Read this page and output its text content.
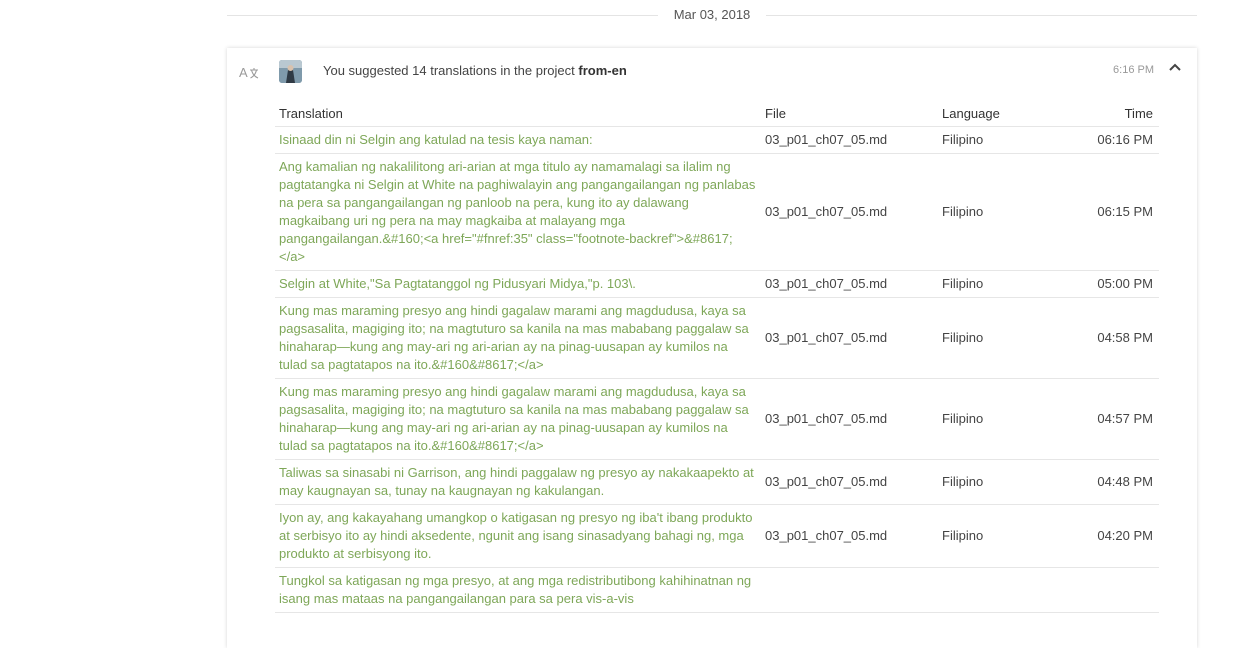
Mar 03, 2018
A	You suggested 14 translations in the project from-en	6:16 PM
Translation	File	Language	Time
Isinaad din ni Selgin ang katulad na tesis kaya naman:	03_p01_ch07_05.md	Filipino	06:16 PM
Ang kamalian ng nakalilitong ari-arian at mga titulo ay namamalagi sa ilalim ng pagtatangka ni Selgin at White na paghiwalayin ang pangangailangan ng panlabas na pera sa pangangailangan ng panloob na pera, kung ito ay dalawang magkaibang uri ng pera na may magkaiba at malayang mga pangangailangan.&#160;<a href="#fnref:35" class="footnote-backref">&#8617;</a>	03_p01_ch07_05.md	Filipino	06:15 PM
Selgin at White,"Sa Pagtatanggol ng Pidusyari Midya,"p. 103\.	03_p01_ch07_05.md	Filipino	05:00 PM
Kung mas maraming presyo ang hindi gagalaw marami ang magdudusa, kaya sa pagsasalita, magiging ito; na magtuturo sa kanila na mas mababang paggalaw sa hinaharap—kung ang may-ari ng ari-arian ay na pinag-uusapan ay kumilos na tulad sa pagtatapos na ito.&#160&#8617;</a>	03_p01_ch07_05.md	Filipino	04:58 PM
Kung mas maraming presyo ang hindi gagalaw marami ang magdudusa, kaya sa pagsasalita, magiging ito; na magtuturo sa kanila na mas mababang paggalaw sa hinaharap—kung ang may-ari ng ari-arian ay na pinag-uusapan ay kumilos na tulad sa pagtatapos na ito.&#160&#8617;</a>	03_p01_ch07_05.md	Filipino	04:57 PM
Taliwas sa sinasabi ni Garrison, ang hindi paggalaw ng presyo ay nakakaapekto at may kaugnayan sa, tunay na kaugnayan ng kakulangan.	03_p01_ch07_05.md	Filipino	04:48 PM
Iyon ay, ang kakayahang umangkop o katigasan ng presyo ng iba't ibang produkto at serbisyo ito ay hindi aksedente, ngunit ang isang sinasadyang bahagi ng, mga produkto at serbisyong ito.	03_p01_ch07_05.md	Filipino	04:20 PM
Tungkol sa katigasan ng mga presyo, at ang mga redistributibong kahihinatnan ng isang mas mataas na pangangailangan para sa pera vis-a-vis			
